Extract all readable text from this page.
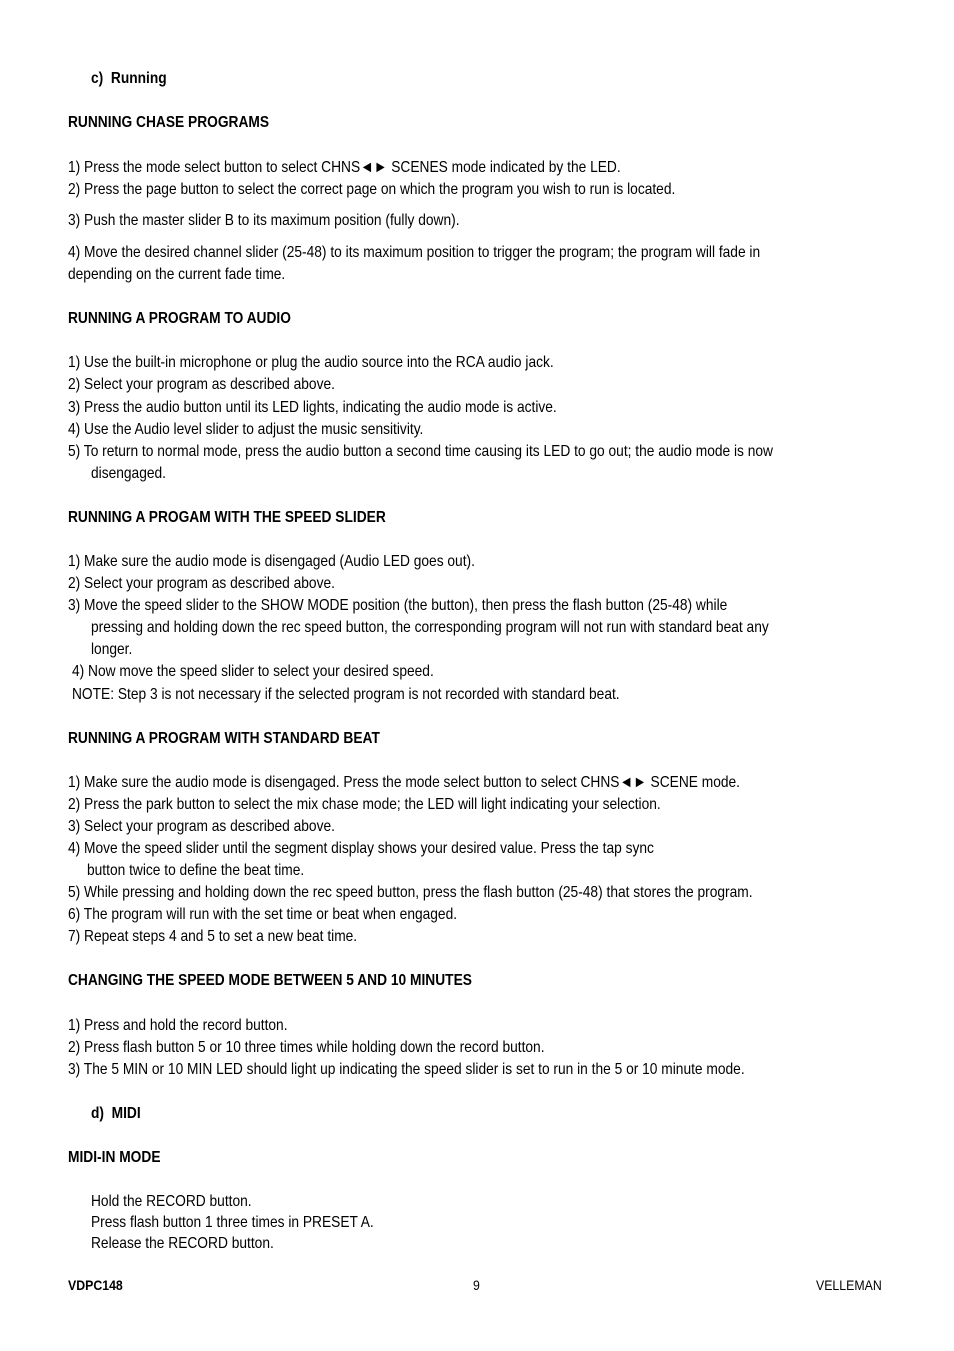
c) Running
RUNNING CHASE PROGRAMS
1) Press the mode select button to select CHNS◄► SCENES mode indicated by the LED.
2) Press the page button to select the correct page on which the program you wish to run is located.
3) Push the master slider B to its maximum position (fully down).
4) Move the desired channel slider (25-48) to its maximum position to trigger the program; the program will fade in
depending on the current fade time.
RUNNING A PROGRAM TO AUDIO
1) Use the built-in microphone or plug the audio source into the RCA audio jack.
2) Select your program as described above.
3) Press the audio button until its LED lights, indicating the audio mode is active.
4) Use the Audio level slider to adjust the music sensitivity.
5) To return to normal mode, press the audio button a second time causing its LED to go out; the audio mode is now
disengaged.
RUNNING A PROGAM WITH THE SPEED SLIDER
1) Make sure the audio mode is disengaged (Audio LED goes out).
2) Select your program as described above.
3) Move the speed slider to the SHOW MODE position (the button), then press the flash button (25-48) while
pressing and holding down the rec speed button, the corresponding program will not run with standard beat any
longer.
4) Now move the speed slider to select your desired speed.
NOTE: Step 3 is not necessary if the selected program is not recorded with standard beat.
RUNNING A PROGRAM WITH STANDARD BEAT
1) Make sure the audio mode is disengaged. Press the mode select button to select CHNS◄► SCENE mode.
2) Press the park button to select the mix chase mode; the LED will light indicating your selection.
3) Select your program as described above.
4) Move the speed slider until the segment display shows your desired value. Press the tap sync
button twice to define the beat time.
5) While pressing and holding down the rec speed button, press the flash button (25-48) that stores the program.
6) The program will run with the set time or beat when engaged.
7) Repeat steps 4 and 5 to set a new beat time.
CHANGING THE SPEED MODE BETWEEN 5 AND 10 MINUTES
1) Press and hold the record button.
2) Press flash button 5 or 10 three times while holding down the record button.
3) The 5 MIN or 10 MIN LED should light up indicating the speed slider is set to run in the 5 or 10 minute mode.
d) MIDI
MIDI-IN MODE
Hold the RECORD button.
Press flash button 1 three times in PRESET A.
Release the RECORD button.
VDPC148	9	VELLEMAN
